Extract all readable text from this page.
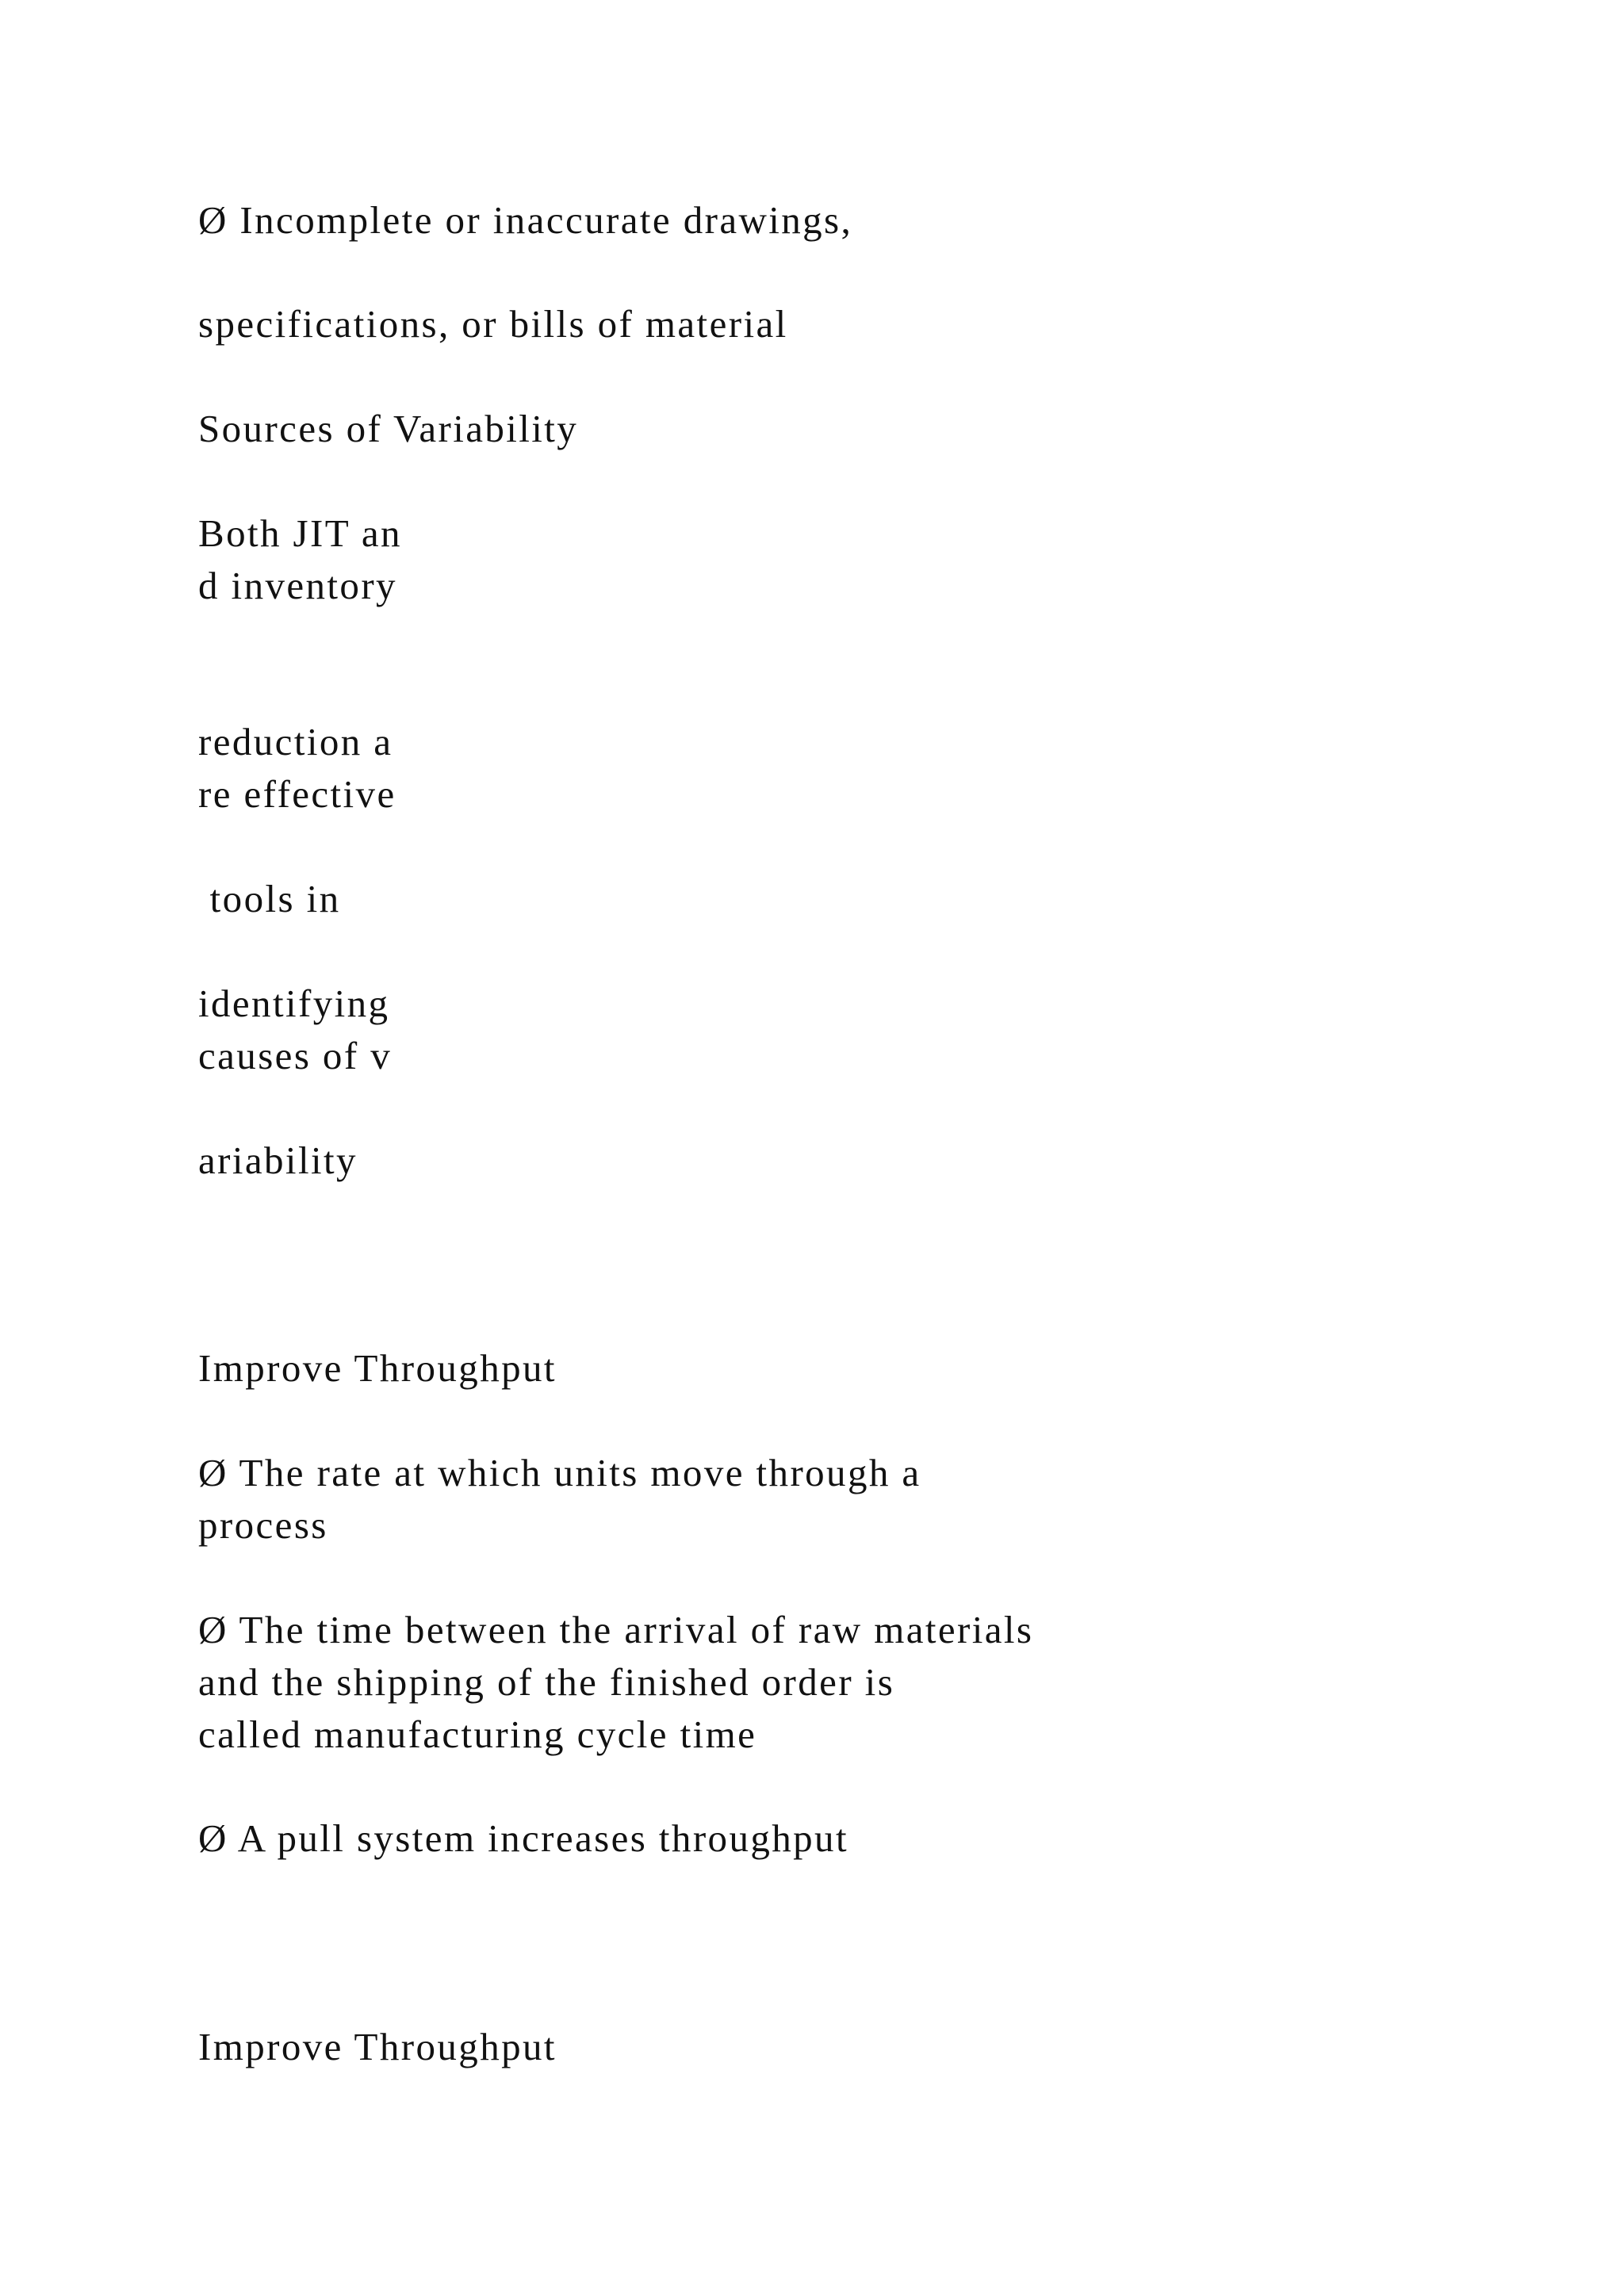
Ø Incomplete or inaccurate drawings,

specifications, or bills of material

Sources of Variability

Both JIT an

d inventory

reduction a

re effective

tools in

identifying

causes of v

ariability

Improve Throughput

Ø The rate at which units move through a

process

Ø The time between the arrival of raw materials

and the shipping of the finished order is

called manufacturing cycle time

Ø A pull system increases throughput

Improve Throughput
